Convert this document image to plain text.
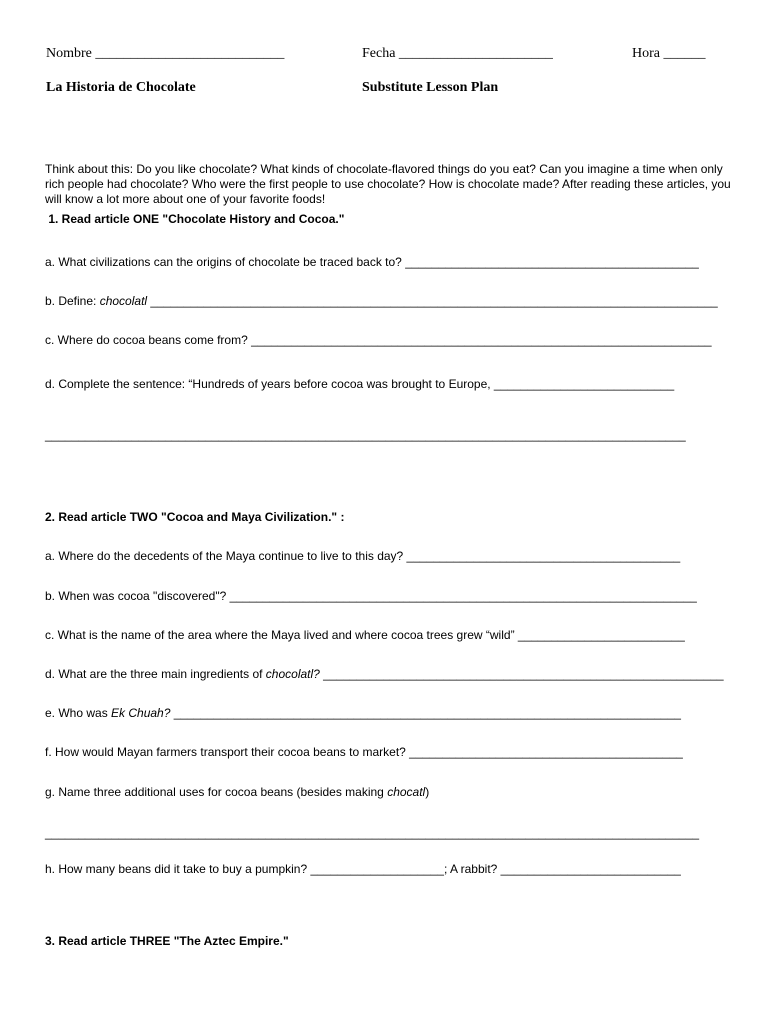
Nombre ___________________________	Fecha ______________________	Hora ______
La Historia de Chocolate	Substitute Lesson Plan

Think about this: Do you like chocolate? What kinds of chocolate-flavored things do you eat? Can you imagine a time when only rich people had chocolate? Who were the first people to use chocolate? How is chocolate made? After reading these articles, you will know a lot more about one of your favorite foods!

1. Read article ONE "Chocolate History and Cocoa."
a. What civilizations can the origins of chocolate be traced back to? ____________________________________________
b. Define: chocolatl _____________________________________________________________________________________
c. Where do cocoa beans come from? _____________________________________________________________________
d. Complete the sentence: “Hundreds of years before cocoa was brought to Europe, ___________________________
________________________________________________________________________________________________
2. Read article TWO "Cocoa and Maya Civilization." :
a. Where do the decedents of the Maya continue to live to this day? _________________________________________
b. When was cocoa "discovered"? ______________________________________________________________________
c. What is the name of the area where the Maya lived and where cocoa trees grew “wild” _________________________
d. What are the three main ingredients of chocolatl? ____________________________________________________________
e. Who was Ek Chuah? ____________________________________________________________________________
f. How would Mayan farmers transport their cocoa beans to market? _________________________________________
g. Name three additional uses for cocoa beans (besides making chocatl)
__________________________________________________________________________________________________
h. How many beans did it take to buy a pumpkin? ____________________; A rabbit? ___________________________
3. Read article THREE "The Aztec Empire."
